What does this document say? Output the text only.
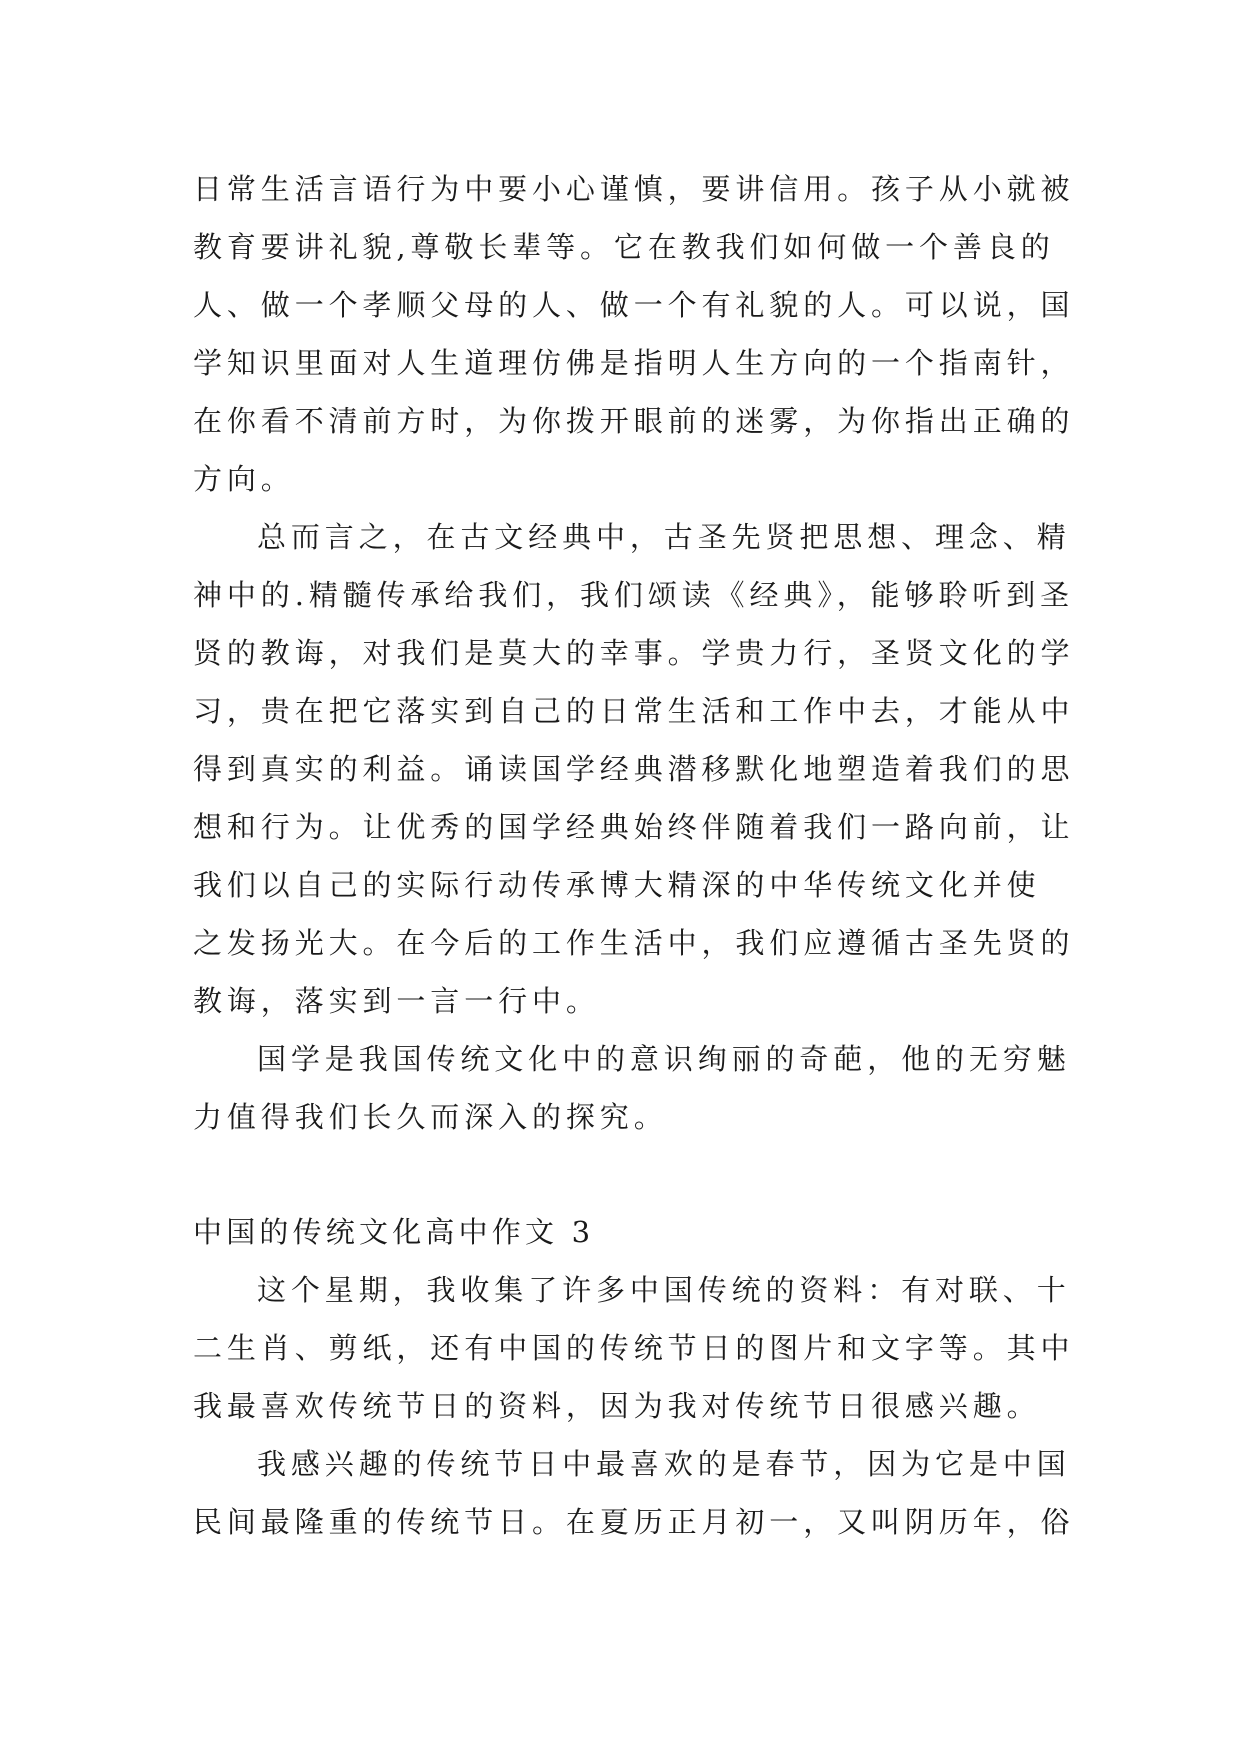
日常生活言语行为中要小心谨慎，要讲信用。孩子从小就被
教育要讲礼貌,尊敬长辈等。它在教我们如何做一个善良的
人、做一个孝顺父母的人、做一个有礼貌的人。可以说，国
学知识里面对人生道理仿佛是指明人生方向的一个指南针，
在你看不清前方时，为你拨开眼前的迷雾，为你指出正确的
方向。
总而言之，在古文经典中，古圣先贤把思想、理念、精
神中的.精髓传承给我们，我们颂读《经典》，能够聆听到圣
贤的教诲，对我们是莫大的幸事。学贵力行，圣贤文化的学
习，贵在把它落实到自己的日常生活和工作中去，才能从中
得到真实的利益。诵读国学经典潜移默化地塑造着我们的思
想和行为。让优秀的国学经典始终伴随着我们一路向前，让
我们以自己的实际行动传承博大精深的中华传统文化并使
之发扬光大。在今后的工作生活中，我们应遵循古圣先贤的
教诲，落实到一言一行中。
国学是我国传统文化中的意识绚丽的奇葩，他的无穷魅
力值得我们长久而深入的探究。
中国的传统文化高中作文 3
这个星期，我收集了许多中国传统的资料：有对联、十
二生肖、剪纸，还有中国的传统节日的图片和文字等。其中
我最喜欢传统节日的资料，因为我对传统节日很感兴趣。
我感兴趣的传统节日中最喜欢的是春节，因为它是中国
民间最隆重的传统节日。在夏历正月初一，又叫阴历年，俗
